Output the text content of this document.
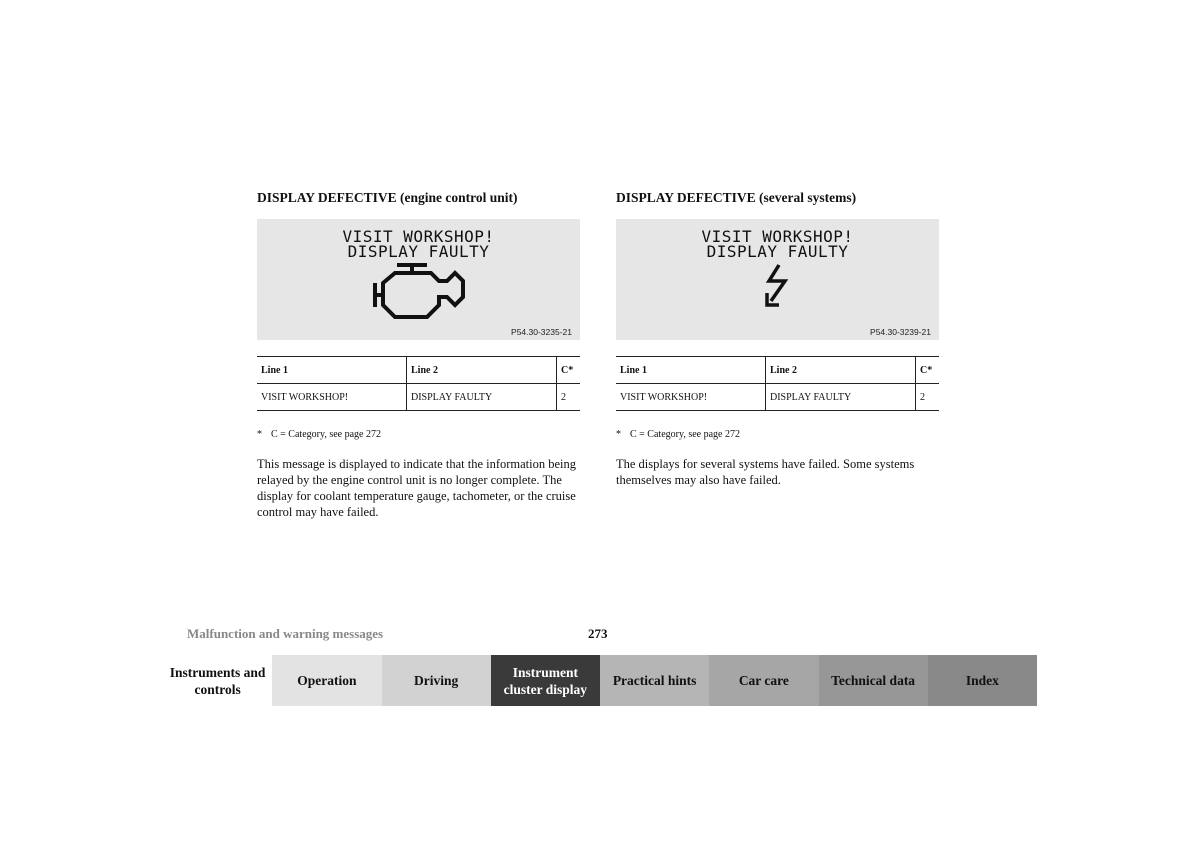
DISPLAY DEFECTIVE (engine control unit)

VISIT WORKSHOP!
DISPLAY FAULTY
P54.30-3235-21
Line 1	Line 2	C*
VISIT WORKSHOP!	DISPLAY FAULTY	2
* C = Category, see page 272

This message is displayed to indicate that the information being relayed by the engine control unit is no longer complete. The display for coolant temperature gauge, tachometer, or the cruise control may have failed.

DISPLAY DEFECTIVE (several systems)

VISIT WORKSHOP!
DISPLAY FAULTY
P54.30-3239-21
Line 1	Line 2	C*
VISIT WORKSHOP!	DISPLAY FAULTY	2
* C = Category, see page 272

The displays for several systems have failed. Some systems themselves may also have failed.

Malfunction and warning messages	273
Instruments and controls
Operation	Driving
Instrument cluster display
Practical hints	Car care	Technical data	Index
